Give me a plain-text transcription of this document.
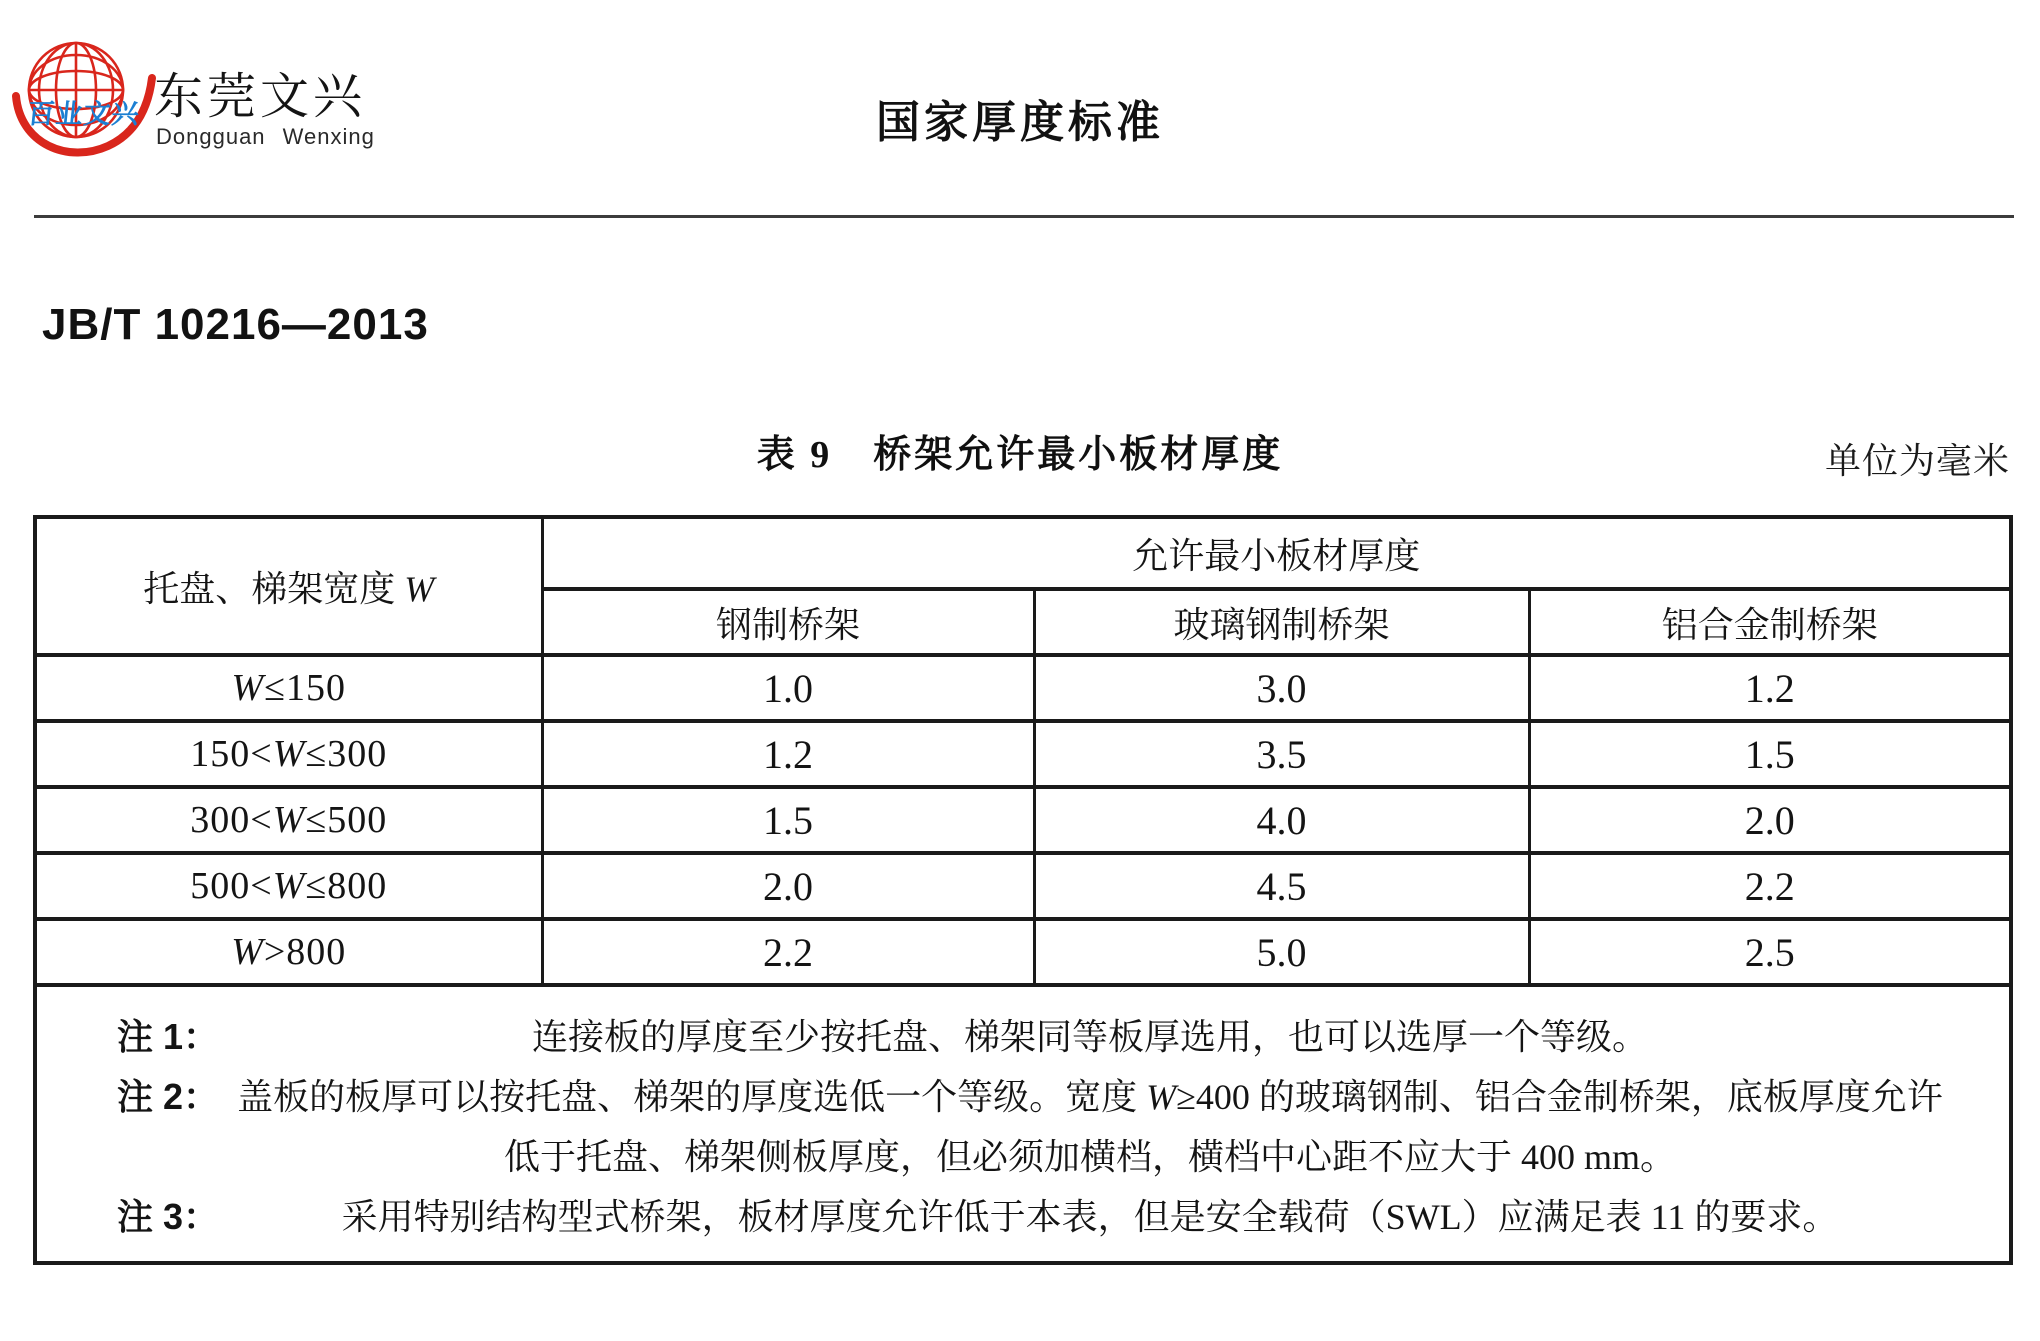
百业文兴 东莞文兴
Dongguan Wenxing	国家厚度标准
JB/T 10216—2013
表 9　桥架允许最小板材厚度	单位为毫米
托盘、梯架宽度 W	允许最小板材厚度		
	钢制桥架	玻璃钢制桥架	铝合金制桥架
W≤150	1.0	3.0	1.2
150<W≤300	1.2	3.5	1.5
300<W≤500	1.5	4.0	2.0
500<W≤800	2.0	4.5	2.2
W>800	2.2	5.0	2.5

注 1：	连接板的厚度至少按托盘、梯架同等板厚选用，也可以选厚一个等级。
注 2： 盖板的板厚可以按托盘、梯架的厚度选低一个等级。宽度 W≥400 的玻璃钢制、铝合金制桥架，底板厚度允许低于托盘、梯架侧板厚度，但必须加横档，横档中心距不应大于 400 mm。
注 3：	采用特别结构型式桥架，板材厚度允许低于本表，但是安全载荷（SWL）应满足表 11 的要求。
